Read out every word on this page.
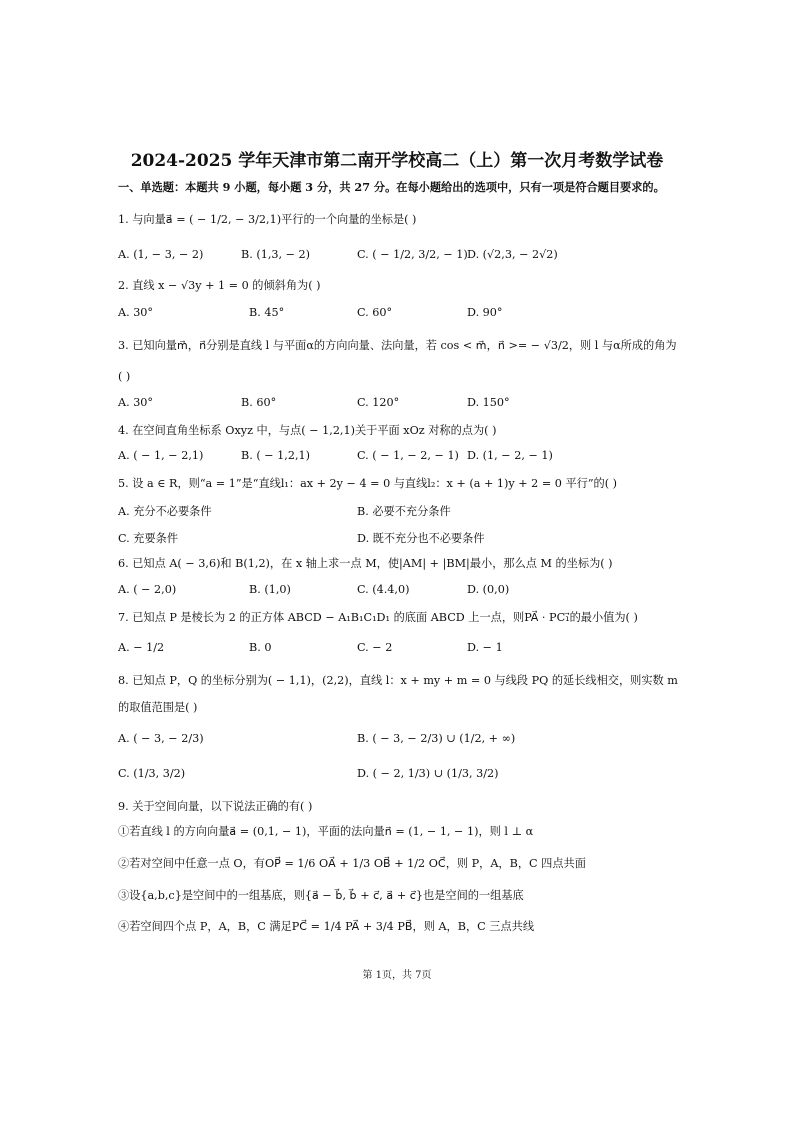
2024-2025 学年天津市第二南开学校高二（上）第一次月考数学试卷
一、单选题：本题共 9 小题，每小题 3 分，共 27 分。在每小题给出的选项中，只有一项是符合题目要求的。
1. 与向量a⃗ = ( − 1/2, − 3/2,1)平行的一个向量的坐标是( )
A. (1, − 3, − 2)	B. (1,3, − 2)	C. ( − 1/2, 3/2, − 1) D. (√2,3, − 2√2)
2. 直线 x − √3y + 1 = 0 的倾斜角为( )
A. 30°	B. 45°	C. 60°	D. 90°
3. 已知向量m⃗，n⃗分别是直线 l 与平面α的方向向量、法向量，若 cos < m⃗，n⃗ >= − √3/2，则 l 与α所成的角为
( )
A. 30°	B. 60°	C. 120°	D. 150°
4. 在空间直角坐标系 Oxyz 中，与点( − 1,2,1)关于平面 xOz 对称的点为( )
A. ( − 1, − 2,1)	B. ( − 1,2,1)	C. ( − 1, − 2, − 1) D. (1, − 2, − 1)
5. 设 a ∈ R，则“a = 1”是“直线l₁：ax + 2y − 4 = 0 与直线l₂：x + (a + 1)y + 2 = 0 平行”的( )
A. 充分不必要条件	B. 必要不充分条件
C. 充要条件	D. 既不充分也不必要条件
6. 已知点 A( − 3,6)和 B(1,2)，在 x 轴上求一点 M，使|AM| + |BM|最小，那么点 M 的坐标为( )
A. ( − 2,0)	B. (1,0)	C. (4.4,0)	D. (0,0)
7. 已知点 P 是棱长为 2 的正方体 ABCD − A₁B₁C₁D₁ 的底面 ABCD 上一点，则PA⃗ · PC₁⃗的最小值为( )
A. − 1/2	B. 0	C. − 2	D. − 1
8. 已知点 P，Q 的坐标分别为( − 1,1)，(2,2)，直线 l：x + my + m = 0 与线段 PQ 的延长线相交，则实数 m
的取值范围是( )
A. ( − 3, − 2/3)	B. ( − 3, − 2/3) ∪ (1/2, + ∞)
C. (1/3, 3/2)	D. ( − 2, 1/3) ∪ (1/3, 3/2)
9. 关于空间向量，以下说法正确的有( )
①若直线 l 的方向向量a⃗ = (0,1, − 1)，平面的法向量n⃗ = (1, − 1, − 1)，则 l ⊥ α
②若对空间中任意一点 O，有OP⃗ = 1/6 OA⃗ + 1/3 OB⃗ + 1/2 OC⃗，则 P，A，B，C 四点共面
③设{a,b,c}是空间中的一组基底，则{a⃗ − b⃗, b⃗ + c⃗, a⃗ + c⃗}也是空间的一组基底
④若空间四个点 P，A，B，C 满足PC⃗ = 1/4 PA⃗ + 3/4 PB⃗，则 A，B，C 三点共线
第 1页，共 7页
